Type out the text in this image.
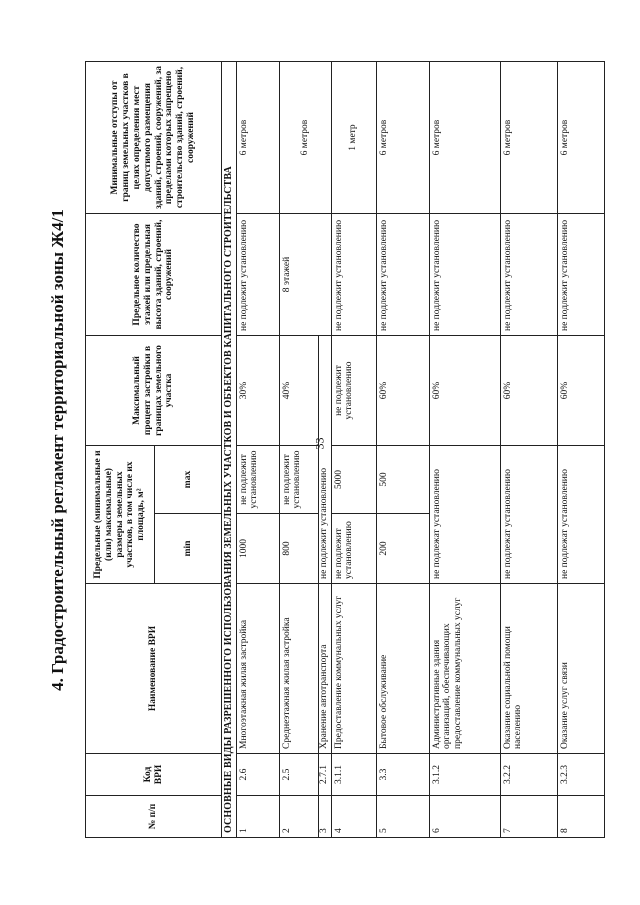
33
4. Градостроительный регламент территориальной зоны Ж4/1
№ п/п	Код ВРИ	Наименование ВРИ	Предельные (минимальные и (или) максимальные) размеры земельных участков, в том числе их площадь, м²		Максимальный процент застройки в границах земельного участка	Предельное количество этажей или предельная высота зданий, строений, сооружений	Минимальные отступы от границ земельных участков в целях определения мест допустимого размещения зданий, строений, сооружений, за пределами которых запрещено строительство зданий, строений, сооружений
			min	max			
ОСНОВНЫЕ ВИДЫ РАЗРЕШЕННОГО ИСПОЛЬЗОВАНИЯ ЗЕМЕЛЬНЫХ УЧАСТКОВ И ОБЪЕКТОВ КАПИТАЛЬНОГО СТРОИТЕЛЬСТВА							
1	2.6	Многоэтажная жилая застройка	1000	не подлежит установлению	30%	не подлежит установлению	6 метров
2	2.5	Среднеэтажная жилая застройка	800	не подлежит установлению	40%	8 этажей	6 метров
3	2.7.1	Хранение автотранспорта	не подлежит установлению				
4	3.1.1	Предоставление коммунальных услуг	не подлежит установлению	5000	не подлежит установлению	не подлежит установлению	1 метр
5	3.3	Бытовое обслуживание	200	500	60%	не подлежит установлению	6 метров
6	3.1.2	Административные здания организаций, обеспечивающих предоставление коммунальных услуг	не подлежат установлению		60%	не подлежит установлению	6 метров
7	3.2.2	Оказание социальной помощи населению	не подлежат установлению		60%	не подлежит установлению	6 метров
8	3.2.3	Оказание услуг связи	не подлежат установлению		60%	не подлежит установлению	6 метров
